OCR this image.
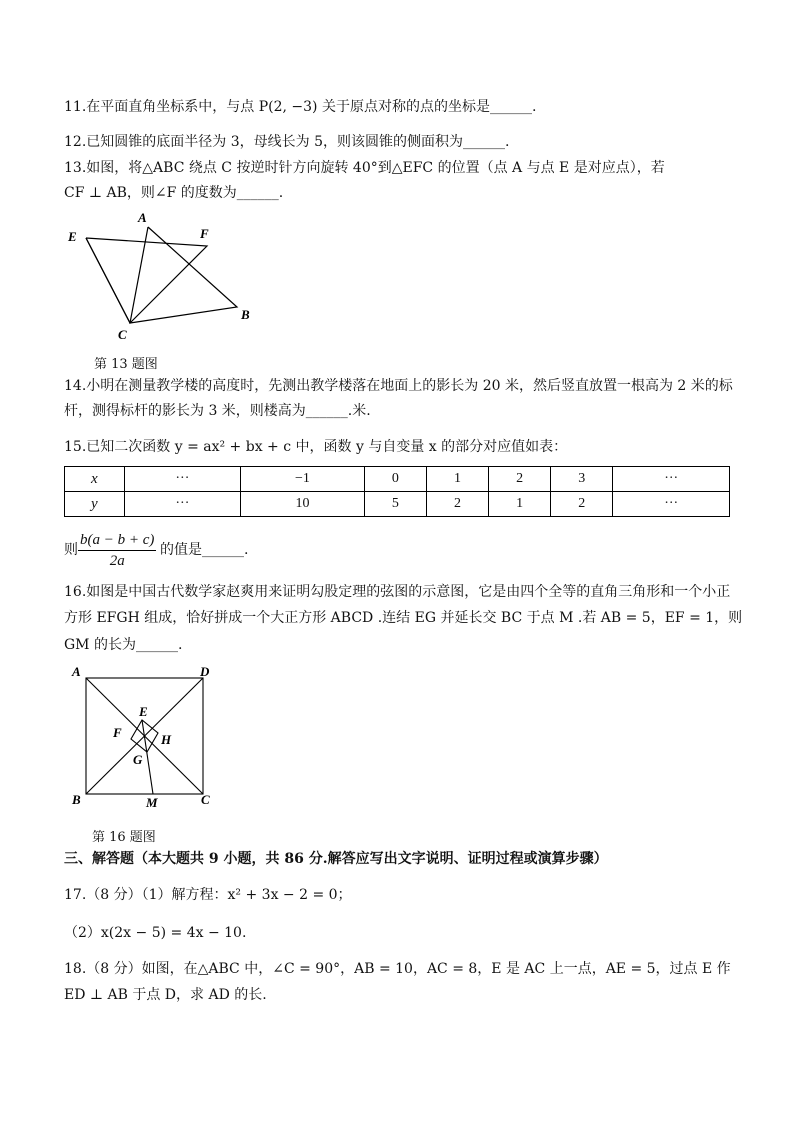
11.在平面直角坐标系中，与点 P(2, −3) 关于原点对称的点的坐标是______.
12.已知圆锥的底面半径为 3，母线长为 5，则该圆锥的侧面积为______.
13.如图，将△ABC 绕点 C 按逆时针方向旋转 40°到△EFC 的位置（点 A 与点 E 是对应点），若
CF ⊥ AB，则∠F 的度数为______.
A
E	F
B
C
第 13 题图
14.小明在测量教学楼的高度时，先测出教学楼落在地面上的影长为 20 米，然后竖直放置一根高为 2 米的标
杆，测得标杆的影长为 3 米，则楼高为______.米.
15.已知二次函数 y = ax² + bx + c 中，函数 y 与自变量 x 的部分对应值如表：
x	···	−1	0	1	2	3	···
y	···	10	5	2	1	2	···
则 $\frac{b(a - b + c)}{2a}$ 的值是______.
16.如图是中国古代数学家赵爽用来证明勾股定理的弦图的示意图，它是由四个全等的直角三角形和一个小正
方形 EFGH 组成，恰好拼成一个大正方形 ABCD .连结 EG 并延长交 BC 于点 M .若 AB = 5，EF = 1，则
GM 的长为______.
A	D
B	C
E
F	H
G
M
第 16 题图
三、解答题（本大题共 9 小题，共 86 分.解答应写出文字说明、证明过程或演算步骤）
17.（8 分）（1）解方程：x² + 3x − 2 = 0；
（2）x(2x − 5) = 4x − 10.
18.（8 分）如图，在△ABC 中，∠C = 90°，AB = 10，AC = 8，E 是 AC 上一点，AE = 5，过点 E 作
ED ⊥ AB 于点 D，求 AD 的长.
